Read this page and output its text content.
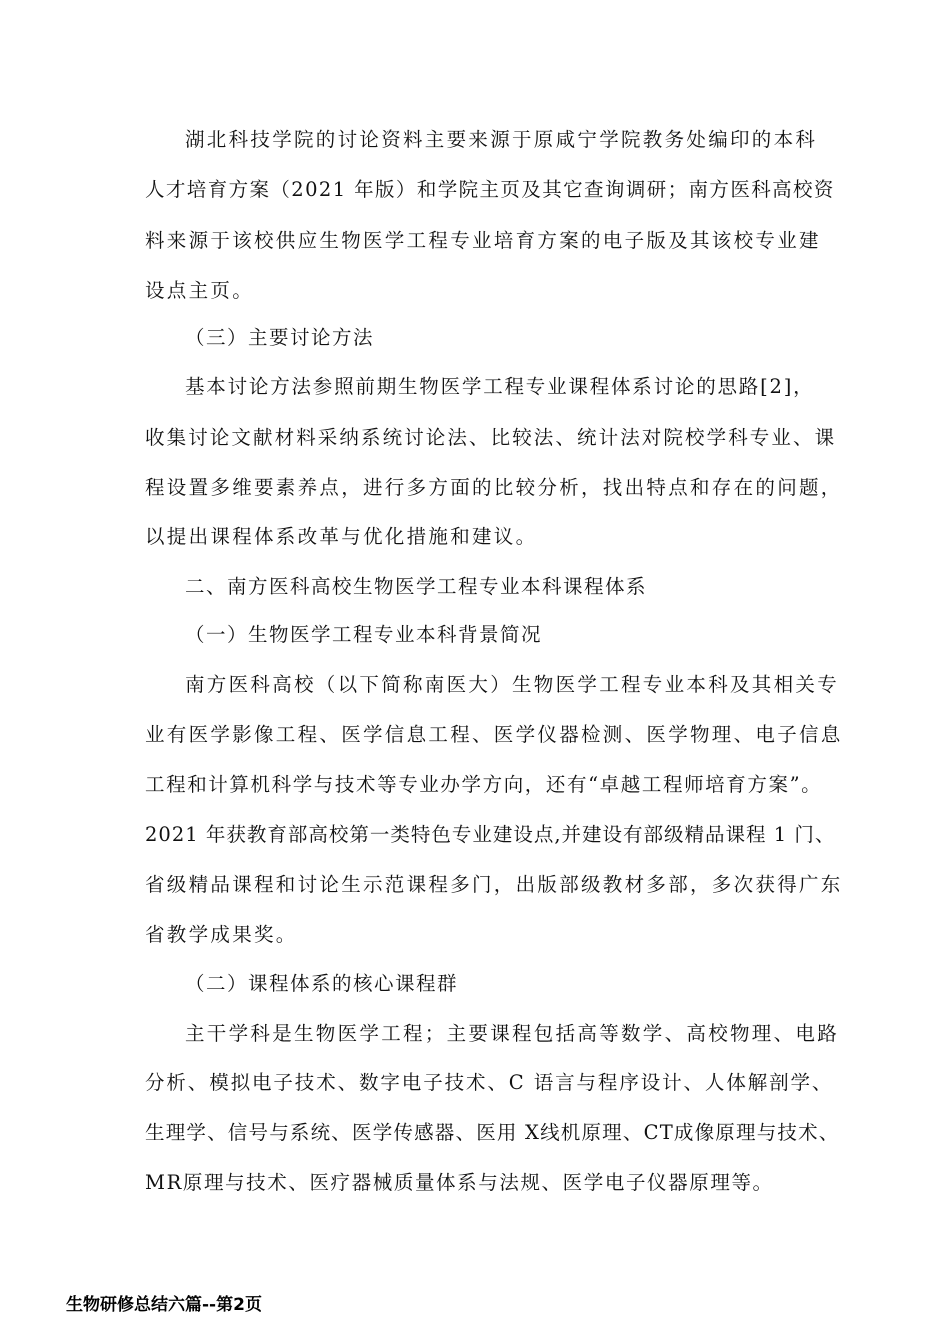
湖北科技学院的讨论资料主要来源于原咸宁学院教务处编印的本科
人才培育方案（2021 年版）和学院主页及其它查询调研；南方医科高校资
料来源于该校供应生物医学工程专业培育方案的电子版及其该校专业建
设点主页。
（三）主要讨论方法
基本讨论方法参照前期生物医学工程专业课程体系讨论的思路[2]，
收集讨论文献材料采纳系统讨论法、比较法、统计法对院校学科专业、课
程设置多维要素养点，进行多方面的比较分析，找出特点和存在的问题，
以提出课程体系改革与优化措施和建议。
二、南方医科高校生物医学工程专业本科课程体系
（一）生物医学工程专业本科背景简况
南方医科高校（以下简称南医大）生物医学工程专业本科及其相关专
业有医学影像工程、医学信息工程、医学仪器检测、医学物理、电子信息
工程和计算机科学与技术等专业办学方向，还有“卓越工程师培育方案”。
2021 年获教育部高校第一类特色专业建设点,并建设有部级精品课程 1 门、
省级精品课程和讨论生示范课程多门，出版部级教材多部，多次获得广东
省教学成果奖。
（二）课程体系的核心课程群
主干学科是生物医学工程；主要课程包括高等数学、高校物理、电路
分析、模拟电子技术、数字电子技术、C 语言与程序设计、人体解剖学、
生理学、信号与系统、医学传感器、医用 X线机原理、CT成像原理与技术、
MR原理与技术、医疗器械质量体系与法规、医学电子仪器原理等。
生物研修总结六篇--第2页
